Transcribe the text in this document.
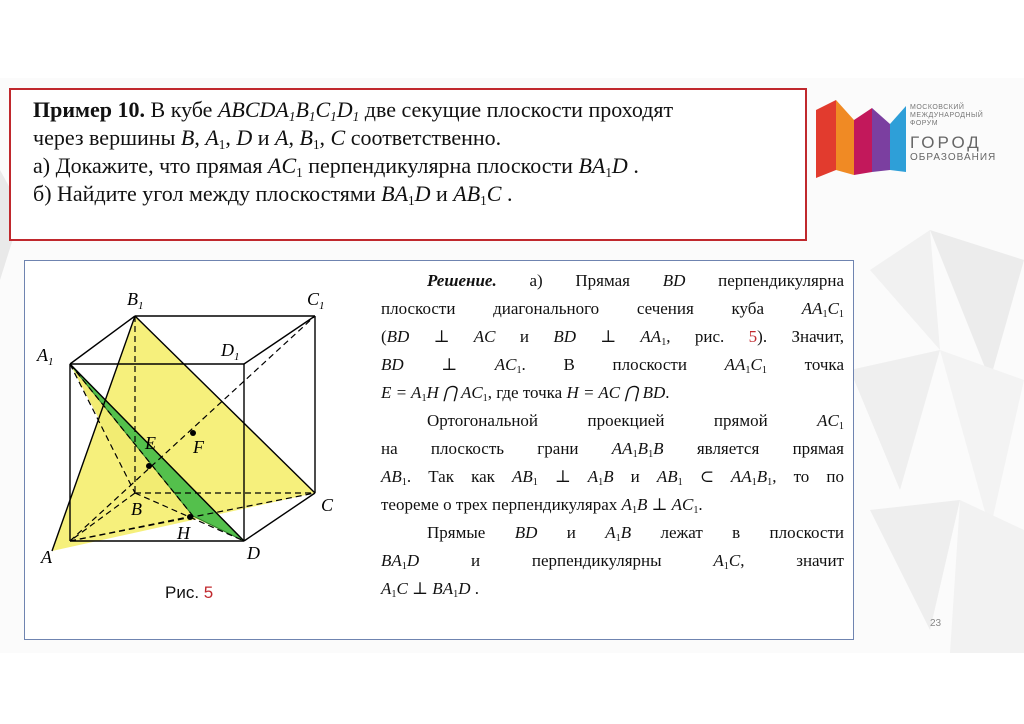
Пример 10. В кубе $ABCDA_1B_1C_1D_1$ две секущие плоскости проходят
через вершины B, $A_1$, D и A, $B_1$, C соответственно.
а) Докажите, что прямая $AC_1$ перпендикулярна плоскости $BA_1D$ .
б) Найдите угол между плоскостями $BA_1D$ и $AB_1C$ .
МОСКОВСКИЙ
МЕЖДУНАРОДНЫЙ
ФОРУМ
ГОРОД
ОБРАЗОВАНИЯ
$B_1$	$C_1$
$A_1$
$D_1$
E F
B	C
A	D
H
Рис. 5
Решение. а) Прямая BD перпендикулярна
плоскости диагонального сечения куба $AA_1C_1$
(BD ⊥ AC и BD ⊥ $AA_1$, рис. 5). Значит,
BD ⊥ $AC_1$. В плоскости $AA_1C_1$ точка
$E = A_1H$ ⋂ $AC_1$, где точка H = AC ⋂ BD.
Ортогональной проекцией прямой $AC_1$
на плоскость грани $AA_1B_1B$ является прямая
$AB_1$. Так как $AB_1$ ⊥ $A_1B$ и $AB_1$ ⊂ $AA_1B_1$, то по
теореме о трех перпендикулярах $A_1B$ ⊥ $AC_1$.
Прямые BD и $A_1B$ лежат в плоскости
$BA_1D$ и перпендикулярны $A_1C$, значит
$A_1C$ ⊥ $BA_1D$ .
23
